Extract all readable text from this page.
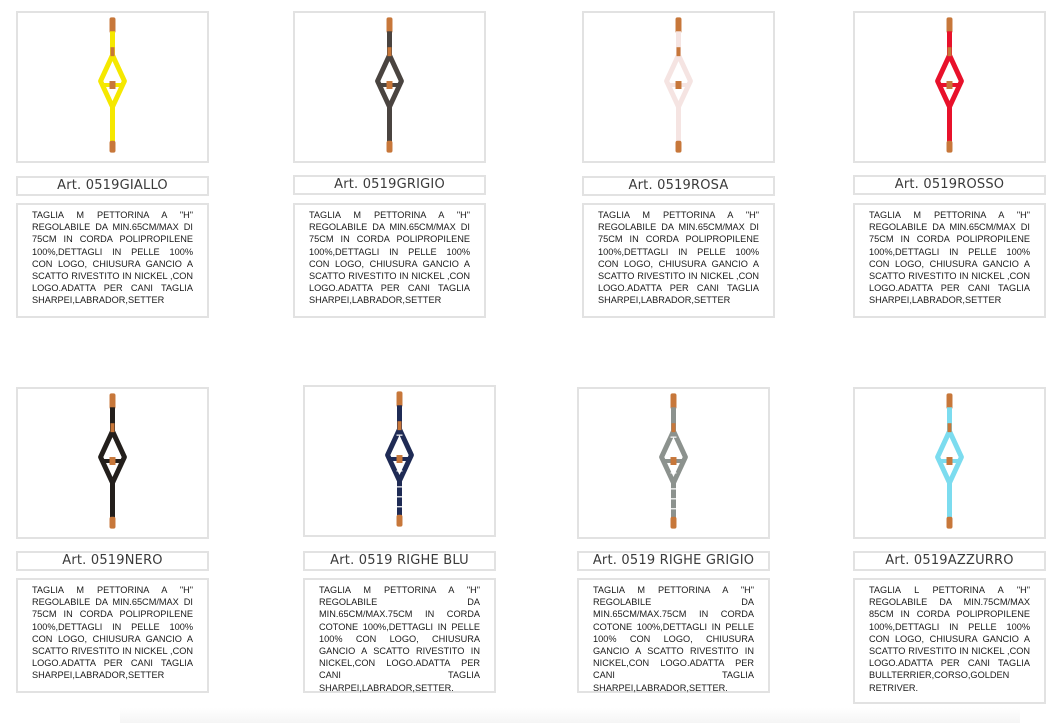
Art. 0519GIALLO
TAGLIA M PETTORINA A "H" REGOLABILE DA MIN.65CM/MAX DI 75CM IN CORDA POLIPROPILENE 100%,DETTAGLI IN PELLE 100% CON LOGO, CHIUSURA GANCIO A SCATTO RIVESTITO IN NICKEL ,CON LOGO.ADATTA PER CANI TAGLIA SHARPEI,LABRADOR,SETTER
Art. 0519GRIGIO
TAGLIA M PETTORINA A "H" REGOLABILE DA MIN.65CM/MAX DI 75CM IN CORDA POLIPROPILENE 100%,DETTAGLI IN PELLE 100% CON LOGO, CHIUSURA GANCIO A SCATTO RIVESTITO IN NICKEL ,CON LOGO.ADATTA PER CANI TAGLIA SHARPEI,LABRADOR,SETTER
Art. 0519ROSA
TAGLIA M PETTORINA A "H" REGOLABILE DA MIN.65CM/MAX DI 75CM IN CORDA POLIPROPILENE 100%,DETTAGLI IN PELLE 100% CON LOGO, CHIUSURA GANCIO A SCATTO RIVESTITO IN NICKEL ,CON LOGO.ADATTA PER CANI TAGLIA SHARPEI,LABRADOR,SETTER
Art. 0519ROSSO
TAGLIA M PETTORINA A "H" REGOLABILE DA MIN.65CM/MAX DI 75CM IN CORDA POLIPROPILENE 100%,DETTAGLI IN PELLE 100% CON LOGO, CHIUSURA GANCIO A SCATTO RIVESTITO IN NICKEL ,CON LOGO.ADATTA PER CANI TAGLIA SHARPEI,LABRADOR,SETTER
Art. 0519NERO
TAGLIA M PETTORINA A "H" REGOLABILE DA MIN.65CM/MAX DI 75CM IN CORDA POLIPROPILENE 100%,DETTAGLI IN PELLE 100% CON LOGO, CHIUSURA GANCIO A SCATTO RIVESTITO IN NICKEL ,CON LOGO.ADATTA PER CANI TAGLIA SHARPEI,LABRADOR,SETTER
Art. 0519 RIGHE BLU
TAGLIA M PETTORINA A "H" REGOLABILE DA MIN.65CM/MAX.75CM IN CORDA COTONE 100%,DETTAGLI IN PELLE 100% CON LOGO, CHIUSURA GANCIO A SCATTO RIVESTITO IN NICKEL,CON LOGO.ADATTA PER CANI TAGLIA SHARPEI,LABRADOR,SETTER.
Art. 0519 RIGHE GRIGIO
TAGLIA M PETTORINA A "H" REGOLABILE DA MIN.65CM/MAX.75CM IN CORDA COTONE 100%,DETTAGLI IN PELLE 100% CON LOGO, CHIUSURA GANCIO A SCATTO RIVESTITO IN NICKEL,CON LOGO.ADATTA PER CANI TAGLIA SHARPEI,LABRADOR,SETTER.
Art. 0519AZZURRO
TAGLIA L PETTORINA A "H" REGOLABILE DA MIN.75CM/MAX 85CM IN CORDA POLIPROPILENE 100%,DETTAGLI IN PELLE 100% CON LOGO, CHIUSURA GANCIO A SCATTO RIVESTITO IN NICKEL ,CON LOGO.ADATTA PER CANI TAGLIA BULLTERRIER,CORSO,GOLDEN RETRIVER.
